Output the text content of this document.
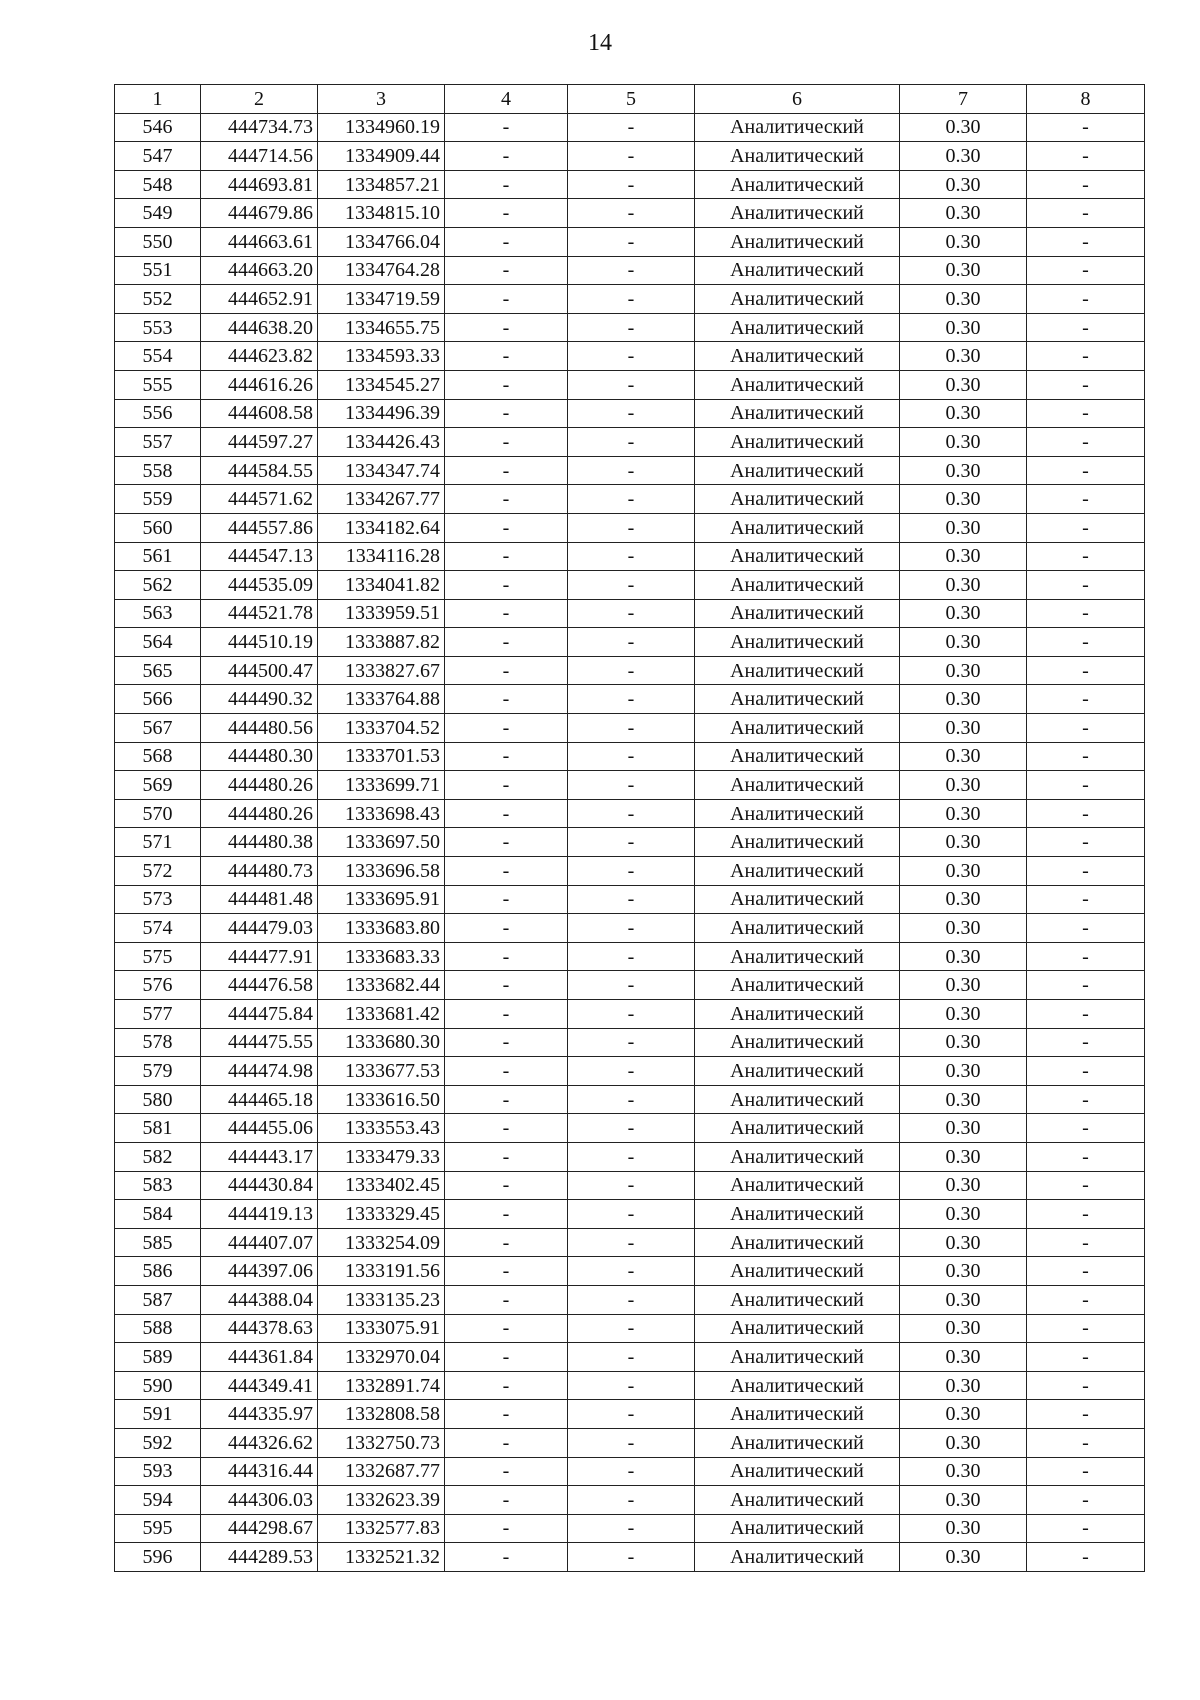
14
1	2	3	4	5	6	7	8
546	444734.73	1334960.19	-	-	Аналитический	0.30	-
547	444714.56	1334909.44	-	-	Аналитический	0.30	-
548	444693.81	1334857.21	-	-	Аналитический	0.30	-
549	444679.86	1334815.10	-	-	Аналитический	0.30	-
550	444663.61	1334766.04	-	-	Аналитический	0.30	-
551	444663.20	1334764.28	-	-	Аналитический	0.30	-
552	444652.91	1334719.59	-	-	Аналитический	0.30	-
553	444638.20	1334655.75	-	-	Аналитический	0.30	-
554	444623.82	1334593.33	-	-	Аналитический	0.30	-
555	444616.26	1334545.27	-	-	Аналитический	0.30	-
556	444608.58	1334496.39	-	-	Аналитический	0.30	-
557	444597.27	1334426.43	-	-	Аналитический	0.30	-
558	444584.55	1334347.74	-	-	Аналитический	0.30	-
559	444571.62	1334267.77	-	-	Аналитический	0.30	-
560	444557.86	1334182.64	-	-	Аналитический	0.30	-
561	444547.13	1334116.28	-	-	Аналитический	0.30	-
562	444535.09	1334041.82	-	-	Аналитический	0.30	-
563	444521.78	1333959.51	-	-	Аналитический	0.30	-
564	444510.19	1333887.82	-	-	Аналитический	0.30	-
565	444500.47	1333827.67	-	-	Аналитический	0.30	-
566	444490.32	1333764.88	-	-	Аналитический	0.30	-
567	444480.56	1333704.52	-	-	Аналитический	0.30	-
568	444480.30	1333701.53	-	-	Аналитический	0.30	-
569	444480.26	1333699.71	-	-	Аналитический	0.30	-
570	444480.26	1333698.43	-	-	Аналитический	0.30	-
571	444480.38	1333697.50	-	-	Аналитический	0.30	-
572	444480.73	1333696.58	-	-	Аналитический	0.30	-
573	444481.48	1333695.91	-	-	Аналитический	0.30	-
574	444479.03	1333683.80	-	-	Аналитический	0.30	-
575	444477.91	1333683.33	-	-	Аналитический	0.30	-
576	444476.58	1333682.44	-	-	Аналитический	0.30	-
577	444475.84	1333681.42	-	-	Аналитический	0.30	-
578	444475.55	1333680.30	-	-	Аналитический	0.30	-
579	444474.98	1333677.53	-	-	Аналитический	0.30	-
580	444465.18	1333616.50	-	-	Аналитический	0.30	-
581	444455.06	1333553.43	-	-	Аналитический	0.30	-
582	444443.17	1333479.33	-	-	Аналитический	0.30	-
583	444430.84	1333402.45	-	-	Аналитический	0.30	-
584	444419.13	1333329.45	-	-	Аналитический	0.30	-
585	444407.07	1333254.09	-	-	Аналитический	0.30	-
586	444397.06	1333191.56	-	-	Аналитический	0.30	-
587	444388.04	1333135.23	-	-	Аналитический	0.30	-
588	444378.63	1333075.91	-	-	Аналитический	0.30	-
589	444361.84	1332970.04	-	-	Аналитический	0.30	-
590	444349.41	1332891.74	-	-	Аналитический	0.30	-
591	444335.97	1332808.58	-	-	Аналитический	0.30	-
592	444326.62	1332750.73	-	-	Аналитический	0.30	-
593	444316.44	1332687.77	-	-	Аналитический	0.30	-
594	444306.03	1332623.39	-	-	Аналитический	0.30	-
595	444298.67	1332577.83	-	-	Аналитический	0.30	-
596	444289.53	1332521.32	-	-	Аналитический	0.30	-
